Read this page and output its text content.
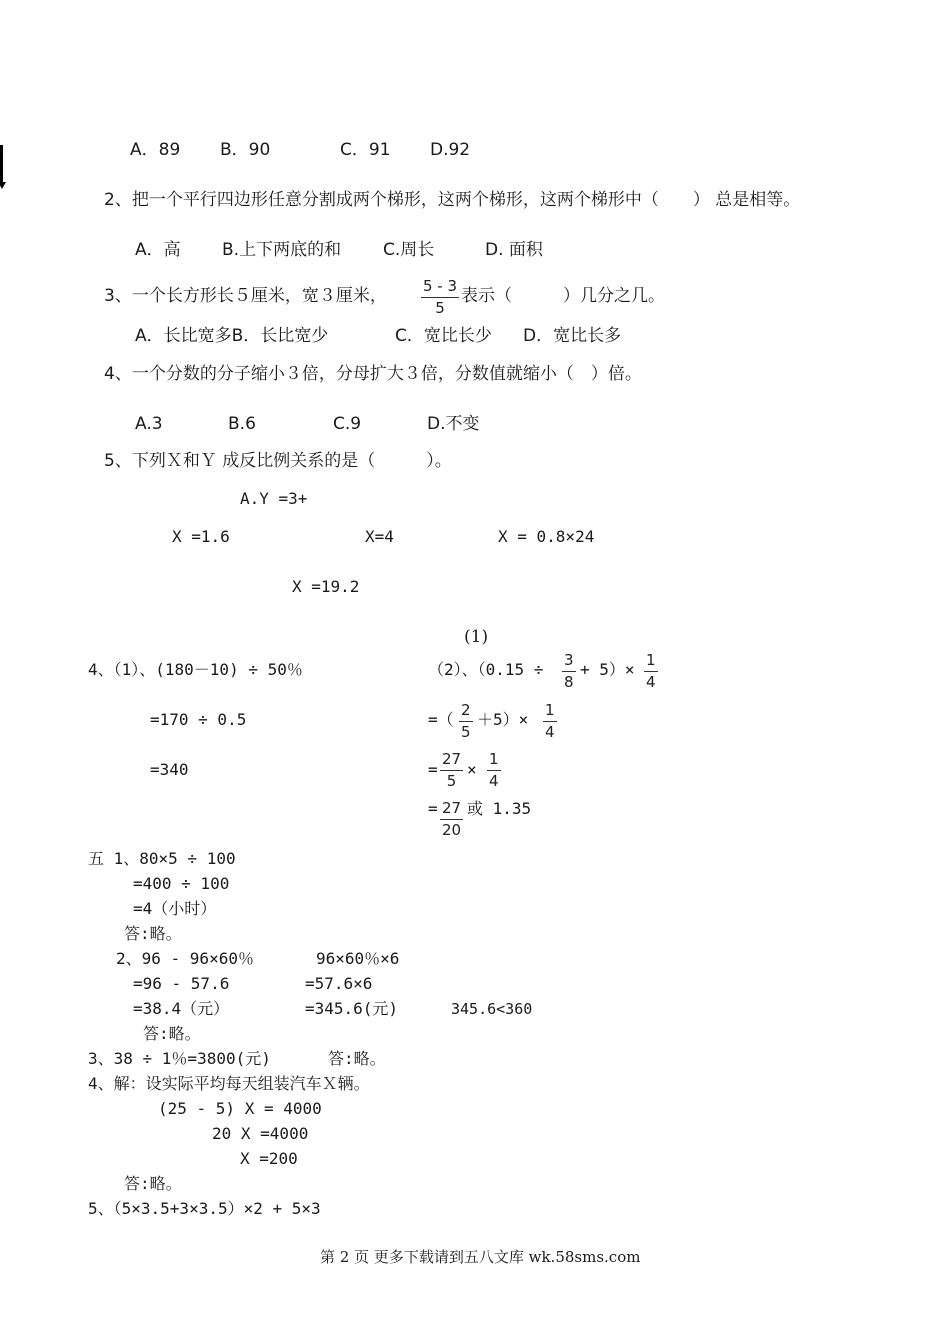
A．89 B．90	C．91 D.92
2、把一个平行四边形任意分割成两个梯形，这两个梯形，这两个梯形中（　　） 总是相等。
A．高 B.上下两底的和 C.周长	D. 面积
3、一个长方形长５厘米，宽３厘米， 5 - 3
5
表示（　　　）几分之几。
A．长比宽多B．长比宽少	C．宽比长少 D．宽比长多
4、一个分数的分子缩小３倍，分母扩大３倍，分数值就缩小（　）倍。
A.3	B.6	C.9	D.不变
5、下列Ｘ和Ｙ 成反比例关系的是（　　　）。
A.Y =3+
X =1.6	X=4	X = 0.8×24
X =19.2
(1)
4、（1）、(180－10) ÷ 50％
=170 ÷ 0.5
=340
（2）、（0.15 ÷ 3
8
+ 5）× 1
4
=（ 2
5
＋5）× 1
4
=
27
5
×
1
4
= 27
20
或 1.35
五 1、80×5 ÷ 100
=400 ÷ 100
=4（小时）
答:略。
2、96 - 96×60％
=96 - 57.6
=38.4（元）
96×60％×6
=57.6×6
=345.6(元)	345.6<360
答:略。
3、38 ÷ 1％=3800(元)	答:略。
4、解：设实际平均每天组装汽车Ｘ辆。
(25 - 5) X = 4000
20 X =4000
X =200
答:略。
5、（5×3.5+3×3.5）×2 + 5×3
第 2 页 更多下载请到五八文库 wk.58sms.com
